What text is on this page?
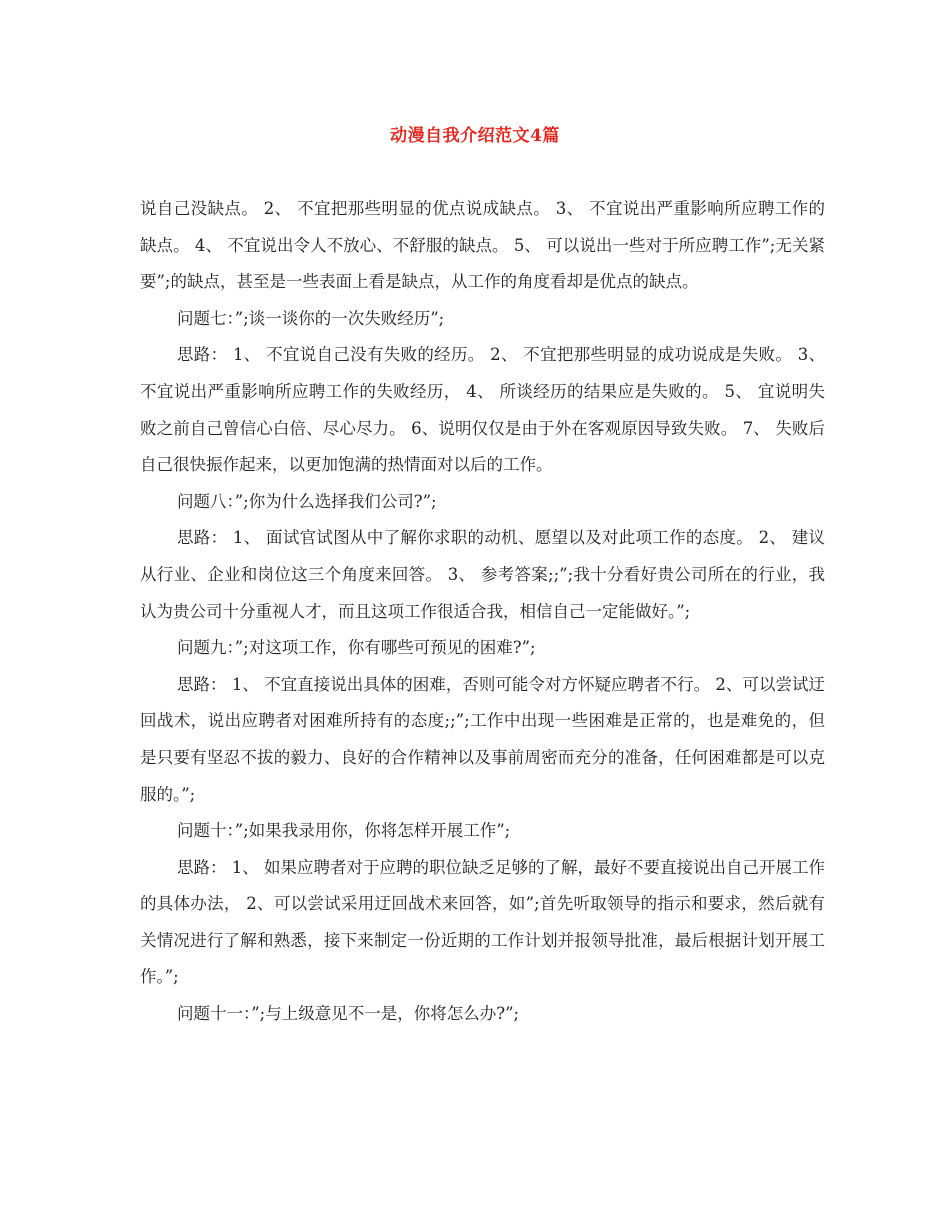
动漫自我介绍范文4篇

说自己没缺点。 2、 不宜把那些明显的优点说成缺点。 3、 不宜说出严重影响所应聘工作的缺点。 4、 不宜说出令人不放心、不舒服的缺点。 5、 可以说出一些对于所应聘工作”;无关紧要”;的缺点，甚至是一些表面上看是缺点，从工作的角度看却是优点的缺点。

问题七：”;谈一谈你的一次失败经历”;

思路： 1、 不宜说自己没有失败的经历。 2、 不宜把那些明显的成功说成是失败。 3、不宜说出严重影响所应聘工作的失败经历， 4、 所谈经历的结果应是失败的。 5、 宜说明失败之前自己曾信心白倍、尽心尽力。 6、说明仅仅是由于外在客观原因导致失败。 7、 失败后自己很快振作起来，以更加饱满的热情面对以后的工作。

问题八：”;你为什么选择我们公司?”;

思路： 1、 面试官试图从中了解你求职的动机、愿望以及对此项工作的态度。 2、 建议从行业、企业和岗位这三个角度来回答。 3、 参考答案;;”;我十分看好贵公司所在的行业，我认为贵公司十分重视人才，而且这项工作很适合我，相信自己一定能做好。”;

问题九：”;对这项工作，你有哪些可预见的困难?”;

思路： 1、 不宜直接说出具体的困难，否则可能令对方怀疑应聘者不行。 2、可以尝试迂回战术，说出应聘者对困难所持有的态度;;”;工作中出现一些困难是正常的，也是难免的，但是只要有坚忍不拔的毅力、良好的合作精神以及事前周密而充分的准备，任何困难都是可以克服的。”;

问题十：”;如果我录用你，你将怎样开展工作”;

思路： 1、 如果应聘者对于应聘的职位缺乏足够的了解，最好不要直接说出自己开展工作的具体办法， 2、可以尝试采用迂回战术来回答，如”;首先听取领导的指示和要求，然后就有关情况进行了解和熟悉，接下来制定一份近期的工作计划并报领导批准，最后根据计划开展工作。”;

问题十一：”;与上级意见不一是，你将怎么办?”;
